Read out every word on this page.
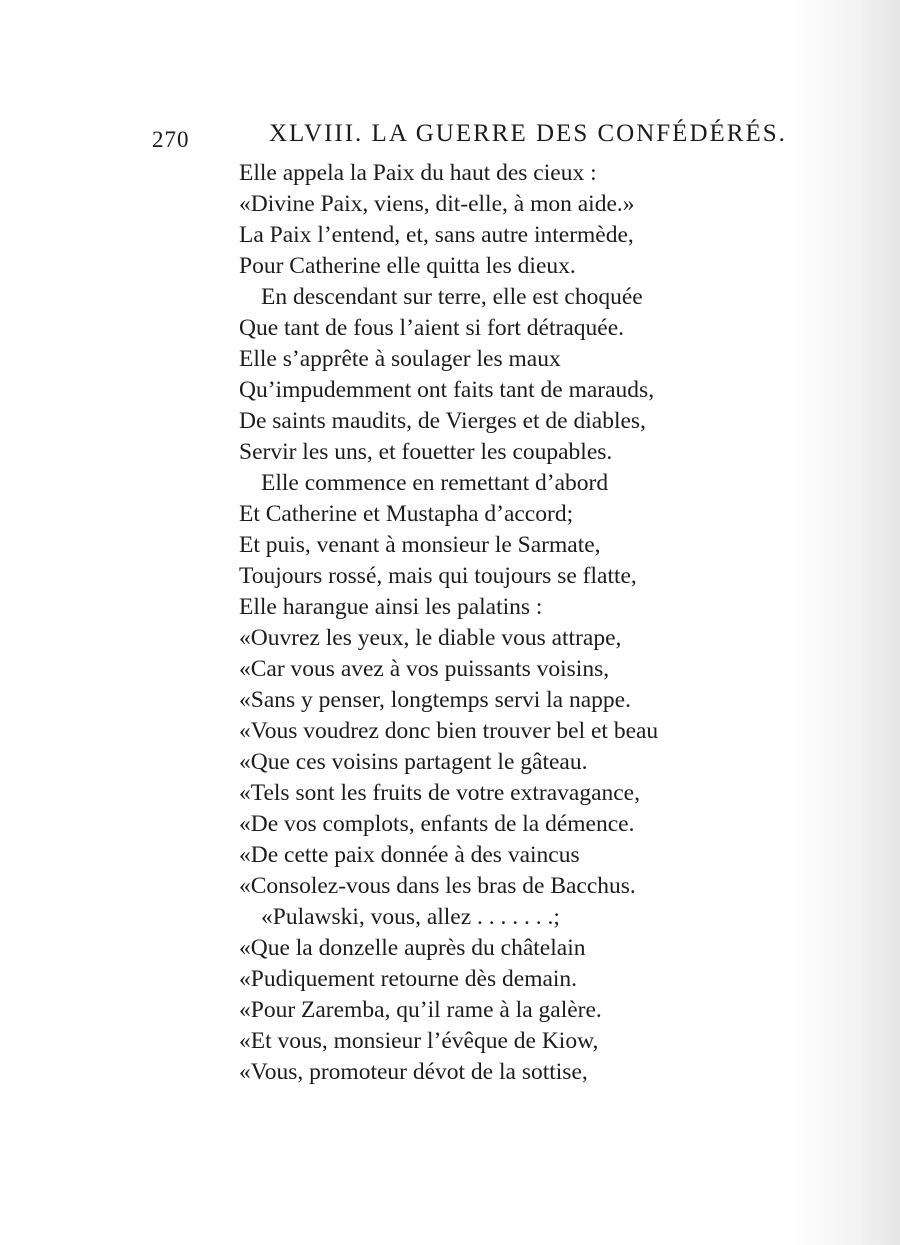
270	XLVIII. LA GUERRE DES CONFÉDÉRÉS.
Elle appela la Paix du haut des cieux :
«Divine Paix, viens, dit-elle, à mon aide.»
La Paix l’entend, et, sans autre intermède,
Pour Catherine elle quitta les dieux.
En descendant sur terre, elle est choquée
Que tant de fous l’aient si fort détraquée.
Elle s’apprête à soulager les maux
Qu’impudemment ont faits tant de marauds,
De saints maudits, de Vierges et de diables,
Servir les uns, et fouetter les coupables.
Elle commence en remettant d’abord
Et Catherine et Mustapha d’accord;
Et puis, venant à monsieur le Sarmate,
Toujours rossé, mais qui toujours se flatte,
Elle harangue ainsi les palatins :
«Ouvrez les yeux, le diable vous attrape,
«Car vous avez à vos puissants voisins,
«Sans y penser, longtemps servi la nappe.
«Vous voudrez donc bien trouver bel et beau
«Que ces voisins partagent le gâteau.
«Tels sont les fruits de votre extravagance,
«De vos complots, enfants de la démence.
«De cette paix donnée à des vaincus
«Consolez-vous dans les bras de Bacchus.
«Pulawski, vous, allez . . . . . . .;
«Que la donzelle auprès du châtelain
«Pudiquement retourne dès demain.
«Pour Zaremba, qu’il rame à la galère.
«Et vous, monsieur l’évêque de Kiow,
«Vous, promoteur dévot de la sottise,
